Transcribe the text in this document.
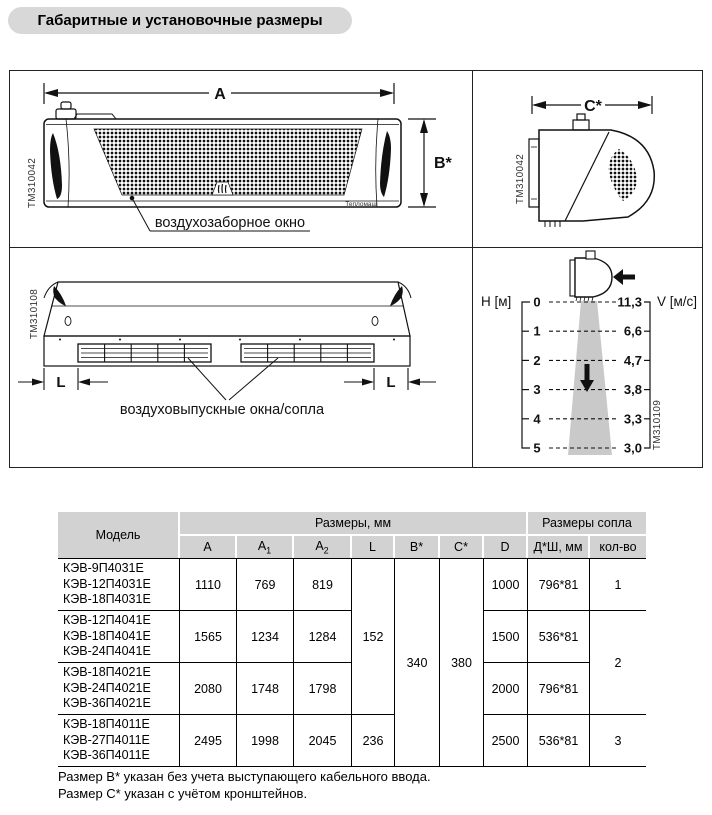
Габаритные и установочные размеры
A
Тепломаш
B*
воздухозаборное окно
TM310042
C*
TM310042
L	L
воздуховыпускные окна/сопла
TM310108	H [м]	V [м/с]
0
1
2
3
4
5
11,3
6,6
4,7
3,8
3,3
3,0 TM310109
Модель	Размеры, мм							Размеры сопла	
	A	$A_1$	$A_2$	L	B*	C*	D	Д*Ш, мм	кол-во

КЭВ-9П4031Е
КЭВ-12П4031Е
КЭВ-18П4031Е	1110	769	819	152	340	380	1000	796*81	1

КЭВ-12П4041Е
КЭВ-18П4041Е
КЭВ-24П4041Е	1565	1234	1284				1500	536*81	2

КЭВ-18П4021Е
КЭВ-24П4021Е
КЭВ-36П4021Е	2080	1748	1798				2000	796*81	

КЭВ-18П4011Е
КЭВ-27П4011Е
КЭВ-36П4011Е	2495	1998	2045	236			2500	536*81	3
Размер B* указан без учета выступающего кабельного ввода.
Размер C* указан с учётом кронштейнов.
